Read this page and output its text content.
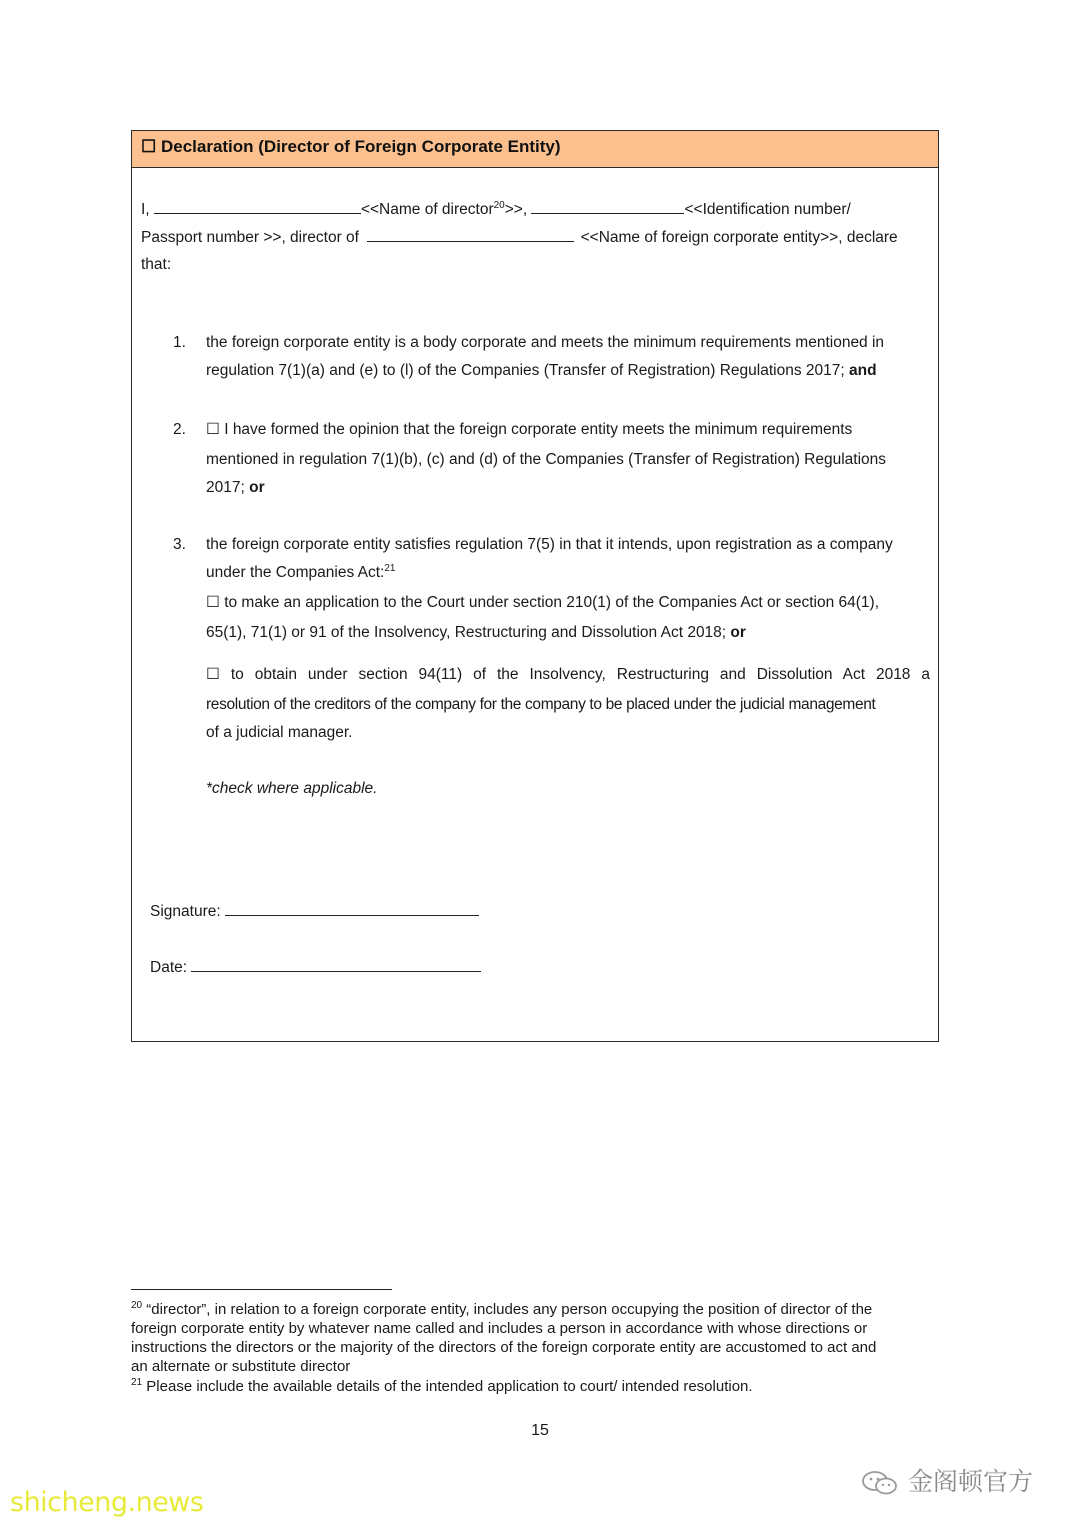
☐ Declaration (Director of Foreign Corporate Entity)
I,	<<Name of director$^{20}$>>,	<<Identification number/
Passport number >>, director of	<<Name of foreign corporate entity>>, declare
that:
1. the foreign corporate entity is a body corporate and meets the minimum requirements mentioned in
regulation 7(1)(a) and (e) to (l) of the Companies (Transfer of Registration) Regulations 2017; and
2. ☐ I have formed the opinion that the foreign corporate entity meets the minimum requirements
mentioned in regulation 7(1)(b), (c) and (d) of the Companies (Transfer of Registration) Regulations
2017; or
3. the foreign corporate entity satisfies regulation 7(5) in that it intends, upon registration as a company
under the Companies Act:$^{21}$
☐ to make an application to the Court under section 210(1) of the Companies Act or section 64(1),
65(1), 71(1) or 91 of the Insolvency, Restructuring and Dissolution Act 2018; or
☐ to obtain under section 94(11) of the Insolvency, Restructuring and Dissolution Act 2018 a
resolution of the creditors of the company for the company to be placed under the judicial management
of a judicial manager.
*check where applicable.
Signature:
Date:
$^{20}$ “director”, in relation to a foreign corporate entity, includes any person occupying the position of director of the
foreign corporate entity by whatever name called and includes a person in accordance with whose directions or
instructions the directors or the majority of the directors of the foreign corporate entity are accustomed to act and
an alternate or substitute director
$^{21}$ Please include the available details of the intended application to court/ intended resolution.
15
金阁顿官方
shicheng.news
